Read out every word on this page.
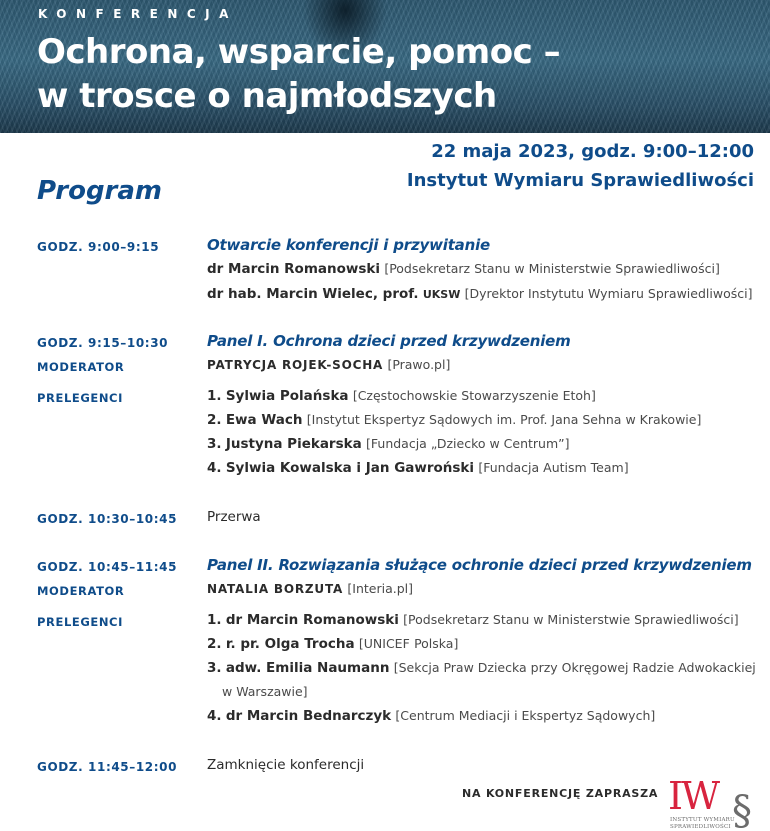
KONFERENCJA
Ochrona, wsparcie, pomoc –
w trosce o najmłodszych
22 maja 2023, godz. 9:00–12:00
Instytut Wymiaru Sprawiedliwości
Program
GODZ. 9:00–9:15	Otwarcie konferencji i przywitanie
dr Marcin Romanowski [Podsekretarz Stanu w Ministerstwie Sprawiedliwości]
dr hab. Marcin Wielec, prof. UKSW [Dyrektor Instytutu Wymiaru Sprawiedliwości]
GODZ. 9:15–10:30	Panel I. Ochrona dzieci przed krzywdzeniem
MODERATOR	PATRYCJA ROJEK-SOCHA [Prawo.pl]
PRELEGENCI	1. Sylwia Polańska [Częstochowskie Stowarzyszenie Etoh]
2. Ewa Wach [Instytut Ekspertyz Sądowych im. Prof. Jana Sehna w Krakowie]
3. Justyna Piekarska [Fundacja „Dziecko w Centrum”]
4. Sylwia Kowalska i Jan Gawroński [Fundacja Autism Team]
GODZ. 10:30–10:45 Przerwa
GODZ. 10:45–11:45 Panel II. Rozwiązania służące ochronie dzieci przed krzywdzeniem
MODERATOR	NATALIA BORZUTA [Interia.pl]
PRELEGENCI	1. dr Marcin Romanowski [Podsekretarz Stanu w Ministerstwie Sprawiedliwości]
2. r. pr. Olga Trocha [UNICEF Polska]
3. adw. Emilia Naumann [Sekcja Praw Dziecka przy Okręgowej Radzie Adwokackiej
w Warszawie]
4. dr Marcin Bednarczyk [Centrum Mediacji i Ekspertyz Sądowych]
GODZ. 11:45–12:00 Zamknięcie konferencji
NA KONFERENCJĘ ZAPRASZA IW §
INSTYTUT WYMIARU
SPRAWIEDLIWOŚCI
